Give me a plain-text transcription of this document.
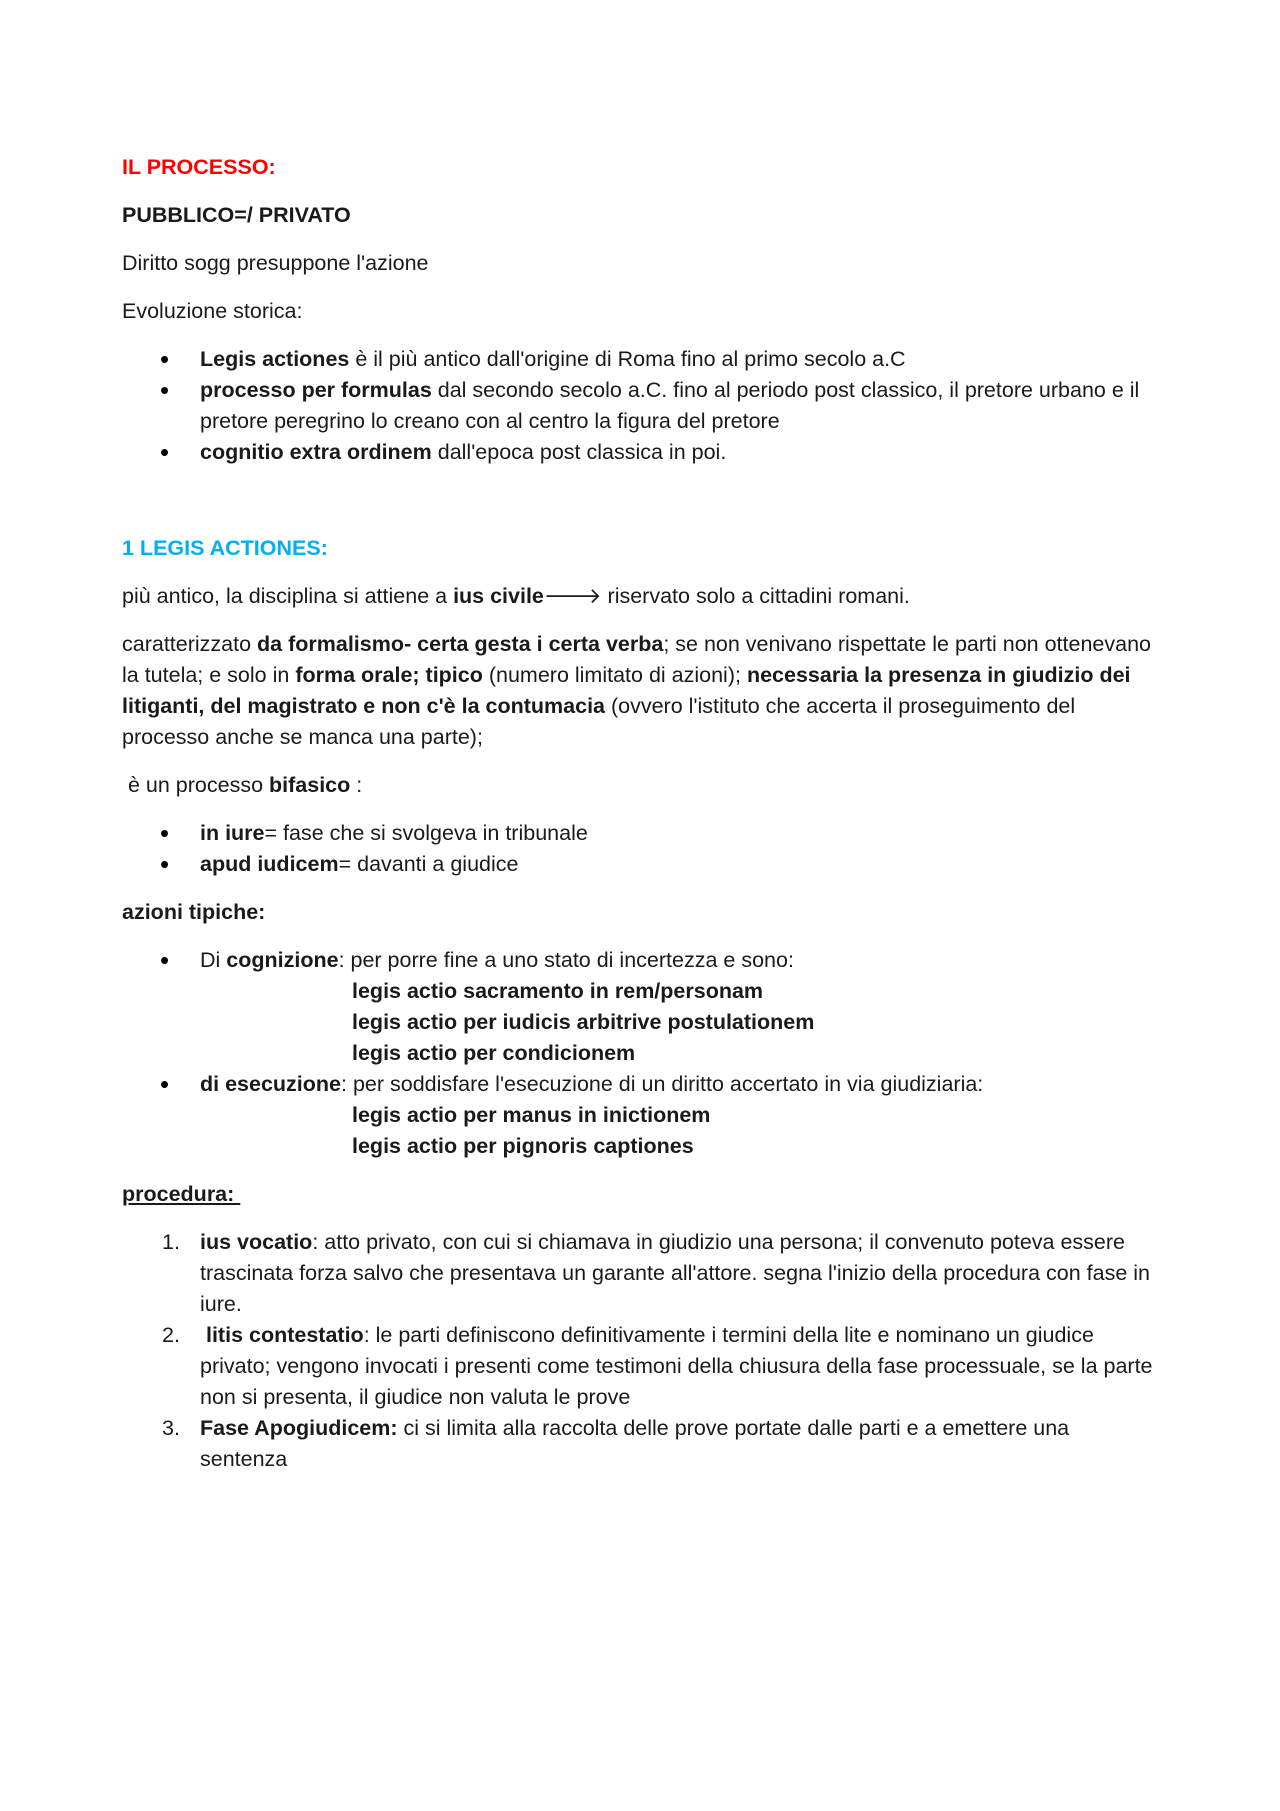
IL PROCESSO:

PUBBLICO=/ PRIVATO

Diritto sogg presuppone l'azione

Evoluzione storica:

• Legis actiones è il più antico dall'origine di Roma fino al primo secolo a.C
• processo per formulas dal secondo secolo a.C. fino al periodo post classico, il pretore urbano e il pretore peregrino lo creano con al centro la figura del pretore
• cognitio extra ordinem dall'epoca post classica in poi.

1 LEGIS ACTIONES:

più antico, la disciplina si attiene a ius civile🡒 riservato solo a cittadini romani.

caratterizzato da formalismo- certa gesta i certa verba; se non venivano rispettate le parti non ottenevano la tutela; e solo in forma orale; tipico (numero limitato di azioni); necessaria la presenza in giudizio dei litiganti, del magistrato e non c'è la contumacia (ovvero l'istituto che accerta il proseguimento del processo anche se manca una parte);

è un processo bifasico :

• in iure= fase che si svolgeva in tribunale
• apud iudicem= davanti a giudice

azioni tipiche:

• Di cognizione: per porre fine a uno stato di incertezza e sono:
legis actio sacramento in rem/personam
legis actio per iudicis arbitrive postulationem
legis actio per condicionem
• di esecuzione: per soddisfare l'esecuzione di un diritto accertato in via giudiziaria:
legis actio per manus in inictionem
legis actio per pignoris captiones

procedura:

1. ius vocatio: atto privato, con cui si chiamava in giudizio una persona; il convenuto poteva essere trascinata forza salvo che presentava un garante all'attore. segna l'inizio della procedura con fase in iure.
2. litis contestatio: le parti definiscono definitivamente i termini della lite e nominano un giudice privato; vengono invocati i presenti come testimoni della chiusura della fase processuale, se la parte non si presenta, il giudice non valuta le prove
3. Fase Apogiudicem: ci si limita alla raccolta delle prove portate dalle parti e a emettere una sentenza
